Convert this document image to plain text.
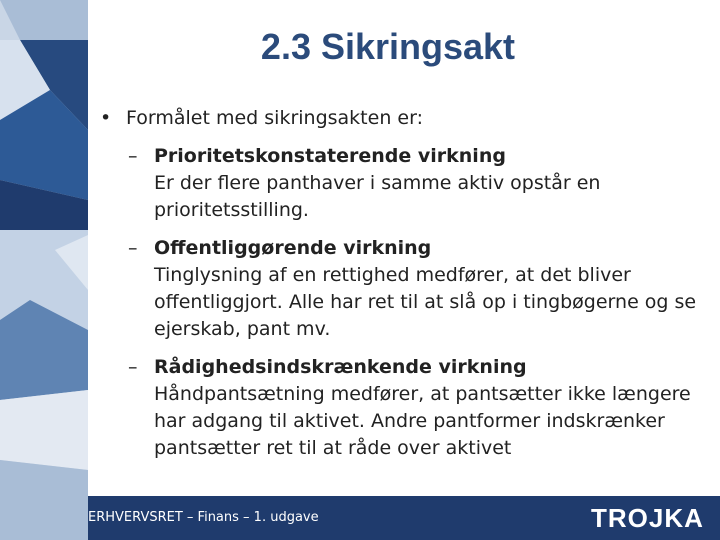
2.3 Sikringsakt
• Formålet med sikringsakten er:
– Prioritetskonstaterende virkning
Er der flere panthaver i samme aktiv opstår en
prioritetsstilling.
– Offentliggørende virkning
Tinglysning af en rettighed medfører, at det bliver
offentliggjort. Alle har ret til at slå op i tingbøgerne og se
ejerskab, pant mv.
– Rådighedsindskrænkende virkning
Håndpantsætning medfører, at pantsætter ikke længere
har adgang til aktivet. Andre pantformer indskrænker
pantsætter ret til at råde over aktivet
ERHVERVSRET – Finans – 1. udgave	TROJKA
